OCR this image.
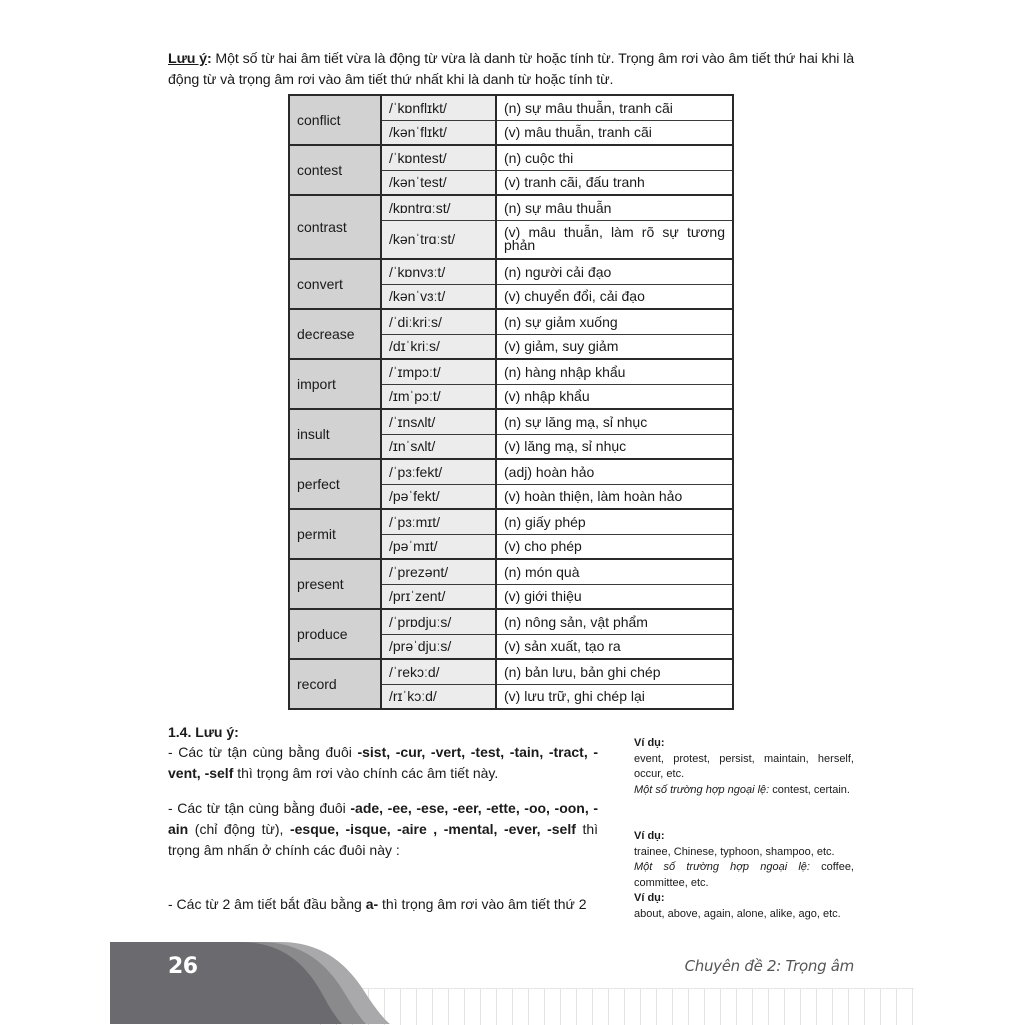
Lưu ý: Một số từ hai âm tiết vừa là động từ vừa là danh từ hoặc tính từ. Trọng âm rơi vào âm tiết thứ hai khi là động từ và trọng âm rơi vào âm tiết thứ nhất khi là danh từ hoặc tính từ.
conflict	/ˈkɒnflɪkt/	(n) sự mâu thuẫn, tranh cãi
	/kənˈflɪkt/	(v) mâu thuẫn, tranh cãi
contest	/ˈkɒntest/	(n) cuộc thi
	/kənˈtest/	(v) tranh cãi, đấu tranh
contrast	/kɒntrɑːst/	(n) sự mâu thuẫn
	/kənˈtrɑːst/	(v) mâu thuẫn, làm rõ sự tương phản
convert	/ˈkɒnvɜːt/	(n) người cải đạo
	/kənˈvɜːt/	(v) chuyển đổi, cải đạo
decrease	/ˈdiːkriːs/	(n) sự giảm xuống
	/dɪˈkriːs/	(v) giảm, suy giảm
import	/ˈɪmpɔːt/	(n) hàng nhập khẩu
	/ɪmˈpɔːt/	(v) nhập khẩu
insult	/ˈɪnsʌlt/	(n) sự lăng mạ, sỉ nhục
	/ɪnˈsʌlt/	(v) lăng mạ, sỉ nhục
perfect	/ˈpɜːfekt/	(adj) hoàn hảo
	/pəˈfekt/	(v) hoàn thiện, làm hoàn hảo
permit	/ˈpɜːmɪt/	(n) giấy phép
	/pəˈmɪt/	(v) cho phép
present	/ˈprezənt/	(n) món quà
	/prɪˈzent/	(v) giới thiệu
produce	/ˈprɒdjuːs/	(n) nông sản, vật phẩm
	/prəˈdjuːs/	(v) sản xuất, tạo ra
record	/ˈrekɔːd/	(n) bản lưu, bản ghi chép
	/rɪˈkɔːd/	(v) lưu trữ, ghi chép lại
1.4. Lưu ý:
- Các từ tận cùng bằng đuôi -sist, -cur, -vert, -test, -tain, -tract, -vent, -self thì trọng âm rơi vào chính các âm tiết này.
- Các từ tận cùng bằng đuôi -ade, -ee, -ese, -eer, -ette, -oo, -oon, -ain (chỉ động từ), -esque, -isque, -aire , -mental, -ever, -self thì trọng âm nhấn ở chính các đuôi này :
- Các từ 2 âm tiết bắt đầu bằng a- thì trọng âm rơi vào âm tiết thứ 2
Ví dụ:
event, protest, persist, maintain, herself, occur, etc.
Một số trường hợp ngoại lệ: contest, certain.
Ví dụ:
trainee, Chinese, typhoon, shampoo, etc.
Một số trường hợp ngoại lệ: coffee, committee, etc.
Ví dụ:
about, above, again, alone, alike, ago, etc.
26	Chuyên đề 2: Trọng âm
